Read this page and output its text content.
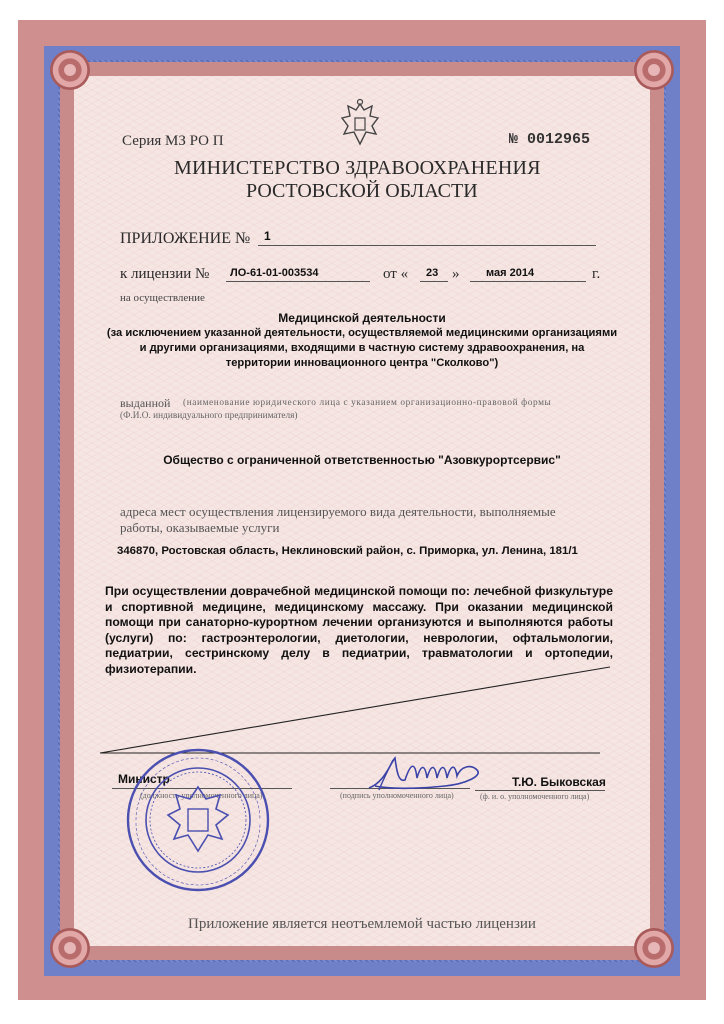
Серия МЗ РО П	№ 0012965
МИНИСТЕРСТВО ЗДРАВООХРАНЕНИЯ
РОСТОВСКОЙ ОБЛАСТИ
ПРИЛОЖЕНИЕ № 1
к лицензии № ЛО-61-01-003534	от « 23 » мая 2014	г.
на осуществление
Медицинской деятельности
(за исключением указанной деятельности, осуществляемой медицинскими организациями
и другими организациями, входящими в частную систему здравоохранения, на
территории инновационного центра "Сколково")
выданной (наименование юридического лица с указанием организационно-правовой формы
(Ф.И.О. индивидуального предпринимателя)
Общество с ограниченной ответственностью "Азовкурортсервис"
адреса мест осуществления лицензируемого вида деятельности, выполняемые
работы, оказываемые услуги
346870, Ростовская область, Неклиновский район, с. Приморка, ул. Ленина, 181/1
При осуществлении доврачебной медицинской помощи по: лечебной физкультуре и спортивной медицине, медицинскому массажу. При оказании медицинской помощи при санаторно-курортном лечении организуются и выполняются работы (услуги) по: гастроэнтерологии, диетологии, неврологии, офтальмологии, педиатрии, сестринскому делу в педиатрии, травматологии и ортопедии, физиотерапии.
Министр
(должность уполномоченного лица)	(подпись уполномоченного лица)
Т.Ю. Быковская
(ф. и. о. уполномоченного лица)
Приложение является неотъемлемой частью лицензии
